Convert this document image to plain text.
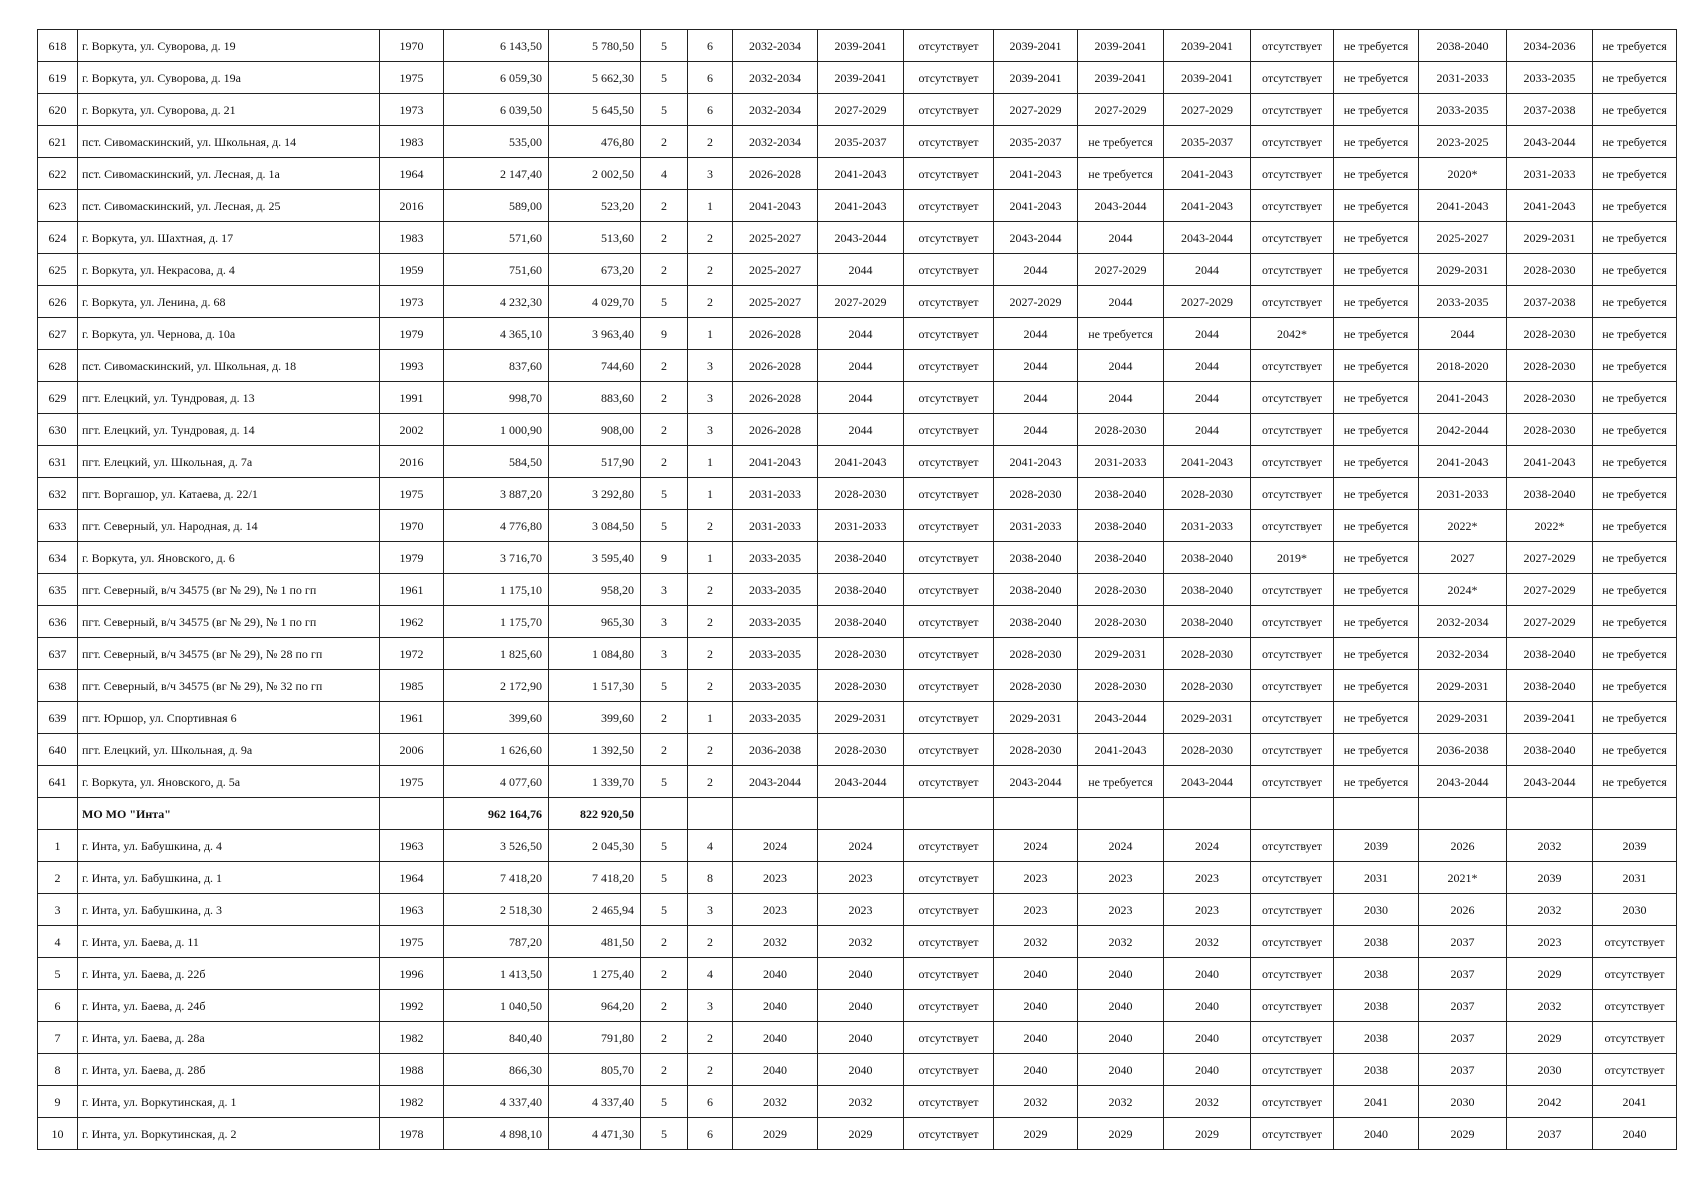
618	г. Воркута, ул. Суворова, д. 19	1970	6 143,50	5 780,50	5	6	2032-2034	2039-2041	отсутствует	2039-2041	2039-2041	2039-2041	отсутствует	не требуется	2038-2040	2034-2036	не требуется
619	г. Воркута, ул. Суворова, д. 19а	1975	6 059,30	5 662,30	5	6	2032-2034	2039-2041	отсутствует	2039-2041	2039-2041	2039-2041	отсутствует	не требуется	2031-2033	2033-2035	не требуется
620	г. Воркута, ул. Суворова, д. 21	1973	6 039,50	5 645,50	5	6	2032-2034	2027-2029	отсутствует	2027-2029	2027-2029	2027-2029	отсутствует	не требуется	2033-2035	2037-2038	не требуется
621	пст. Сивомаскинский, ул. Школьная, д. 14	1983	535,00	476,80	2	2	2032-2034	2035-2037	отсутствует	2035-2037	не требуется	2035-2037	отсутствует	не требуется	2023-2025	2043-2044	не требуется
622	пст. Сивомаскинский, ул. Лесная, д. 1а	1964	2 147,40	2 002,50	4	3	2026-2028	2041-2043	отсутствует	2041-2043	не требуется	2041-2043	отсутствует	не требуется	2020*	2031-2033	не требуется
623	пст. Сивомаскинский, ул. Лесная, д. 25	2016	589,00	523,20	2	1	2041-2043	2041-2043	отсутствует	2041-2043	2043-2044	2041-2043	отсутствует	не требуется	2041-2043	2041-2043	не требуется
624	г. Воркута, ул. Шахтная, д. 17	1983	571,60	513,60	2	2	2025-2027	2043-2044	отсутствует	2043-2044	2044	2043-2044	отсутствует	не требуется	2025-2027	2029-2031	не требуется
625	г. Воркута, ул. Некрасова, д. 4	1959	751,60	673,20	2	2	2025-2027	2044	отсутствует	2044	2027-2029	2044	отсутствует	не требуется	2029-2031	2028-2030	не требуется
626	г. Воркута, ул. Ленина, д. 68	1973	4 232,30	4 029,70	5	2	2025-2027	2027-2029	отсутствует	2027-2029	2044	2027-2029	отсутствует	не требуется	2033-2035	2037-2038	не требуется
627	г. Воркута, ул. Чернова, д. 10а	1979	4 365,10	3 963,40	9	1	2026-2028	2044	отсутствует	2044	не требуется	2044	2042*	не требуется	2044	2028-2030	не требуется
628	пст. Сивомаскинский, ул. Школьная, д. 18	1993	837,60	744,60	2	3	2026-2028	2044	отсутствует	2044	2044	2044	отсутствует	не требуется	2018-2020	2028-2030	не требуется
629	пгт. Елецкий, ул. Тундровая, д. 13	1991	998,70	883,60	2	3	2026-2028	2044	отсутствует	2044	2044	2044	отсутствует	не требуется	2041-2043	2028-2030	не требуется
630	пгт. Елецкий, ул. Тундровая, д. 14	2002	1 000,90	908,00	2	3	2026-2028	2044	отсутствует	2044	2028-2030	2044	отсутствует	не требуется	2042-2044	2028-2030	не требуется
631	пгт. Елецкий, ул. Школьная, д. 7а	2016	584,50	517,90	2	1	2041-2043	2041-2043	отсутствует	2041-2043	2031-2033	2041-2043	отсутствует	не требуется	2041-2043	2041-2043	не требуется
632	пгт. Воргашор, ул. Катаева, д. 22/1	1975	3 887,20	3 292,80	5	1	2031-2033	2028-2030	отсутствует	2028-2030	2038-2040	2028-2030	отсутствует	не требуется	2031-2033	2038-2040	не требуется
633	пгт. Северный, ул. Народная, д. 14	1970	4 776,80	3 084,50	5	2	2031-2033	2031-2033	отсутствует	2031-2033	2038-2040	2031-2033	отсутствует	не требуется	2022*	2022*	не требуется
634	г. Воркута, ул. Яновского, д. 6	1979	3 716,70	3 595,40	9	1	2033-2035	2038-2040	отсутствует	2038-2040	2038-2040	2038-2040	2019*	не требуется	2027	2027-2029	не требуется
635	пгт. Северный, в/ч 34575 (вг № 29), № 1 по гп	1961	1 175,10	958,20	3	2	2033-2035	2038-2040	отсутствует	2038-2040	2028-2030	2038-2040	отсутствует	не требуется	2024*	2027-2029	не требуется
636	пгт. Северный, в/ч 34575 (вг № 29), № 1 по гп	1962	1 175,70	965,30	3	2	2033-2035	2038-2040	отсутствует	2038-2040	2028-2030	2038-2040	отсутствует	не требуется	2032-2034	2027-2029	не требуется
637	пгт. Северный, в/ч 34575 (вг № 29), № 28 по гп	1972	1 825,60	1 084,80	3	2	2033-2035	2028-2030	отсутствует	2028-2030	2029-2031	2028-2030	отсутствует	не требуется	2032-2034	2038-2040	не требуется
638	пгт. Северный, в/ч 34575 (вг № 29), № 32 по гп	1985	2 172,90	1 517,30	5	2	2033-2035	2028-2030	отсутствует	2028-2030	2028-2030	2028-2030	отсутствует	не требуется	2029-2031	2038-2040	не требуется
639	пгт. Юршор, ул. Спортивная 6	1961	399,60	399,60	2	1	2033-2035	2029-2031	отсутствует	2029-2031	2043-2044	2029-2031	отсутствует	не требуется	2029-2031	2039-2041	не требуется
640	пгт. Елецкий, ул. Школьная, д. 9а	2006	1 626,60	1 392,50	2	2	2036-2038	2028-2030	отсутствует	2028-2030	2041-2043	2028-2030	отсутствует	не требуется	2036-2038	2038-2040	не требуется
641	г. Воркута, ул. Яновского, д. 5а	1975	4 077,60	1 339,70	5	2	2043-2044	2043-2044	отсутствует	2043-2044	не требуется	2043-2044	отсутствует	не требуется	2043-2044	2043-2044	не требуется
	МО МО "Инта"		962 164,76	822 920,50													
1	г. Инта, ул. Бабушкина, д. 4	1963	3 526,50	2 045,30	5	4	2024	2024	отсутствует	2024	2024	2024	отсутствует	2039	2026	2032	2039
2	г. Инта, ул. Бабушкина, д. 1	1964	7 418,20	7 418,20	5	8	2023	2023	отсутствует	2023	2023	2023	отсутствует	2031	2021*	2039	2031
3	г. Инта, ул. Бабушкина, д. 3	1963	2 518,30	2 465,94	5	3	2023	2023	отсутствует	2023	2023	2023	отсутствует	2030	2026	2032	2030
4	г. Инта, ул. Баева, д. 11	1975	787,20	481,50	2	2	2032	2032	отсутствует	2032	2032	2032	отсутствует	2038	2037	2023	отсутствует
5	г. Инта, ул. Баева, д. 22б	1996	1 413,50	1 275,40	2	4	2040	2040	отсутствует	2040	2040	2040	отсутствует	2038	2037	2029	отсутствует
6	г. Инта, ул. Баева, д. 24б	1992	1 040,50	964,20	2	3	2040	2040	отсутствует	2040	2040	2040	отсутствует	2038	2037	2032	отсутствует
7	г. Инта, ул. Баева, д. 28а	1982	840,40	791,80	2	2	2040	2040	отсутствует	2040	2040	2040	отсутствует	2038	2037	2029	отсутствует
8	г. Инта, ул. Баева, д. 28б	1988	866,30	805,70	2	2	2040	2040	отсутствует	2040	2040	2040	отсутствует	2038	2037	2030	отсутствует
9	г. Инта, ул. Воркутинская, д. 1	1982	4 337,40	4 337,40	5	6	2032	2032	отсутствует	2032	2032	2032	отсутствует	2041	2030	2042	2041
10	г. Инта, ул. Воркутинская, д. 2	1978	4 898,10	4 471,30	5	6	2029	2029	отсутствует	2029	2029	2029	отсутствует	2040	2029	2037	2040
